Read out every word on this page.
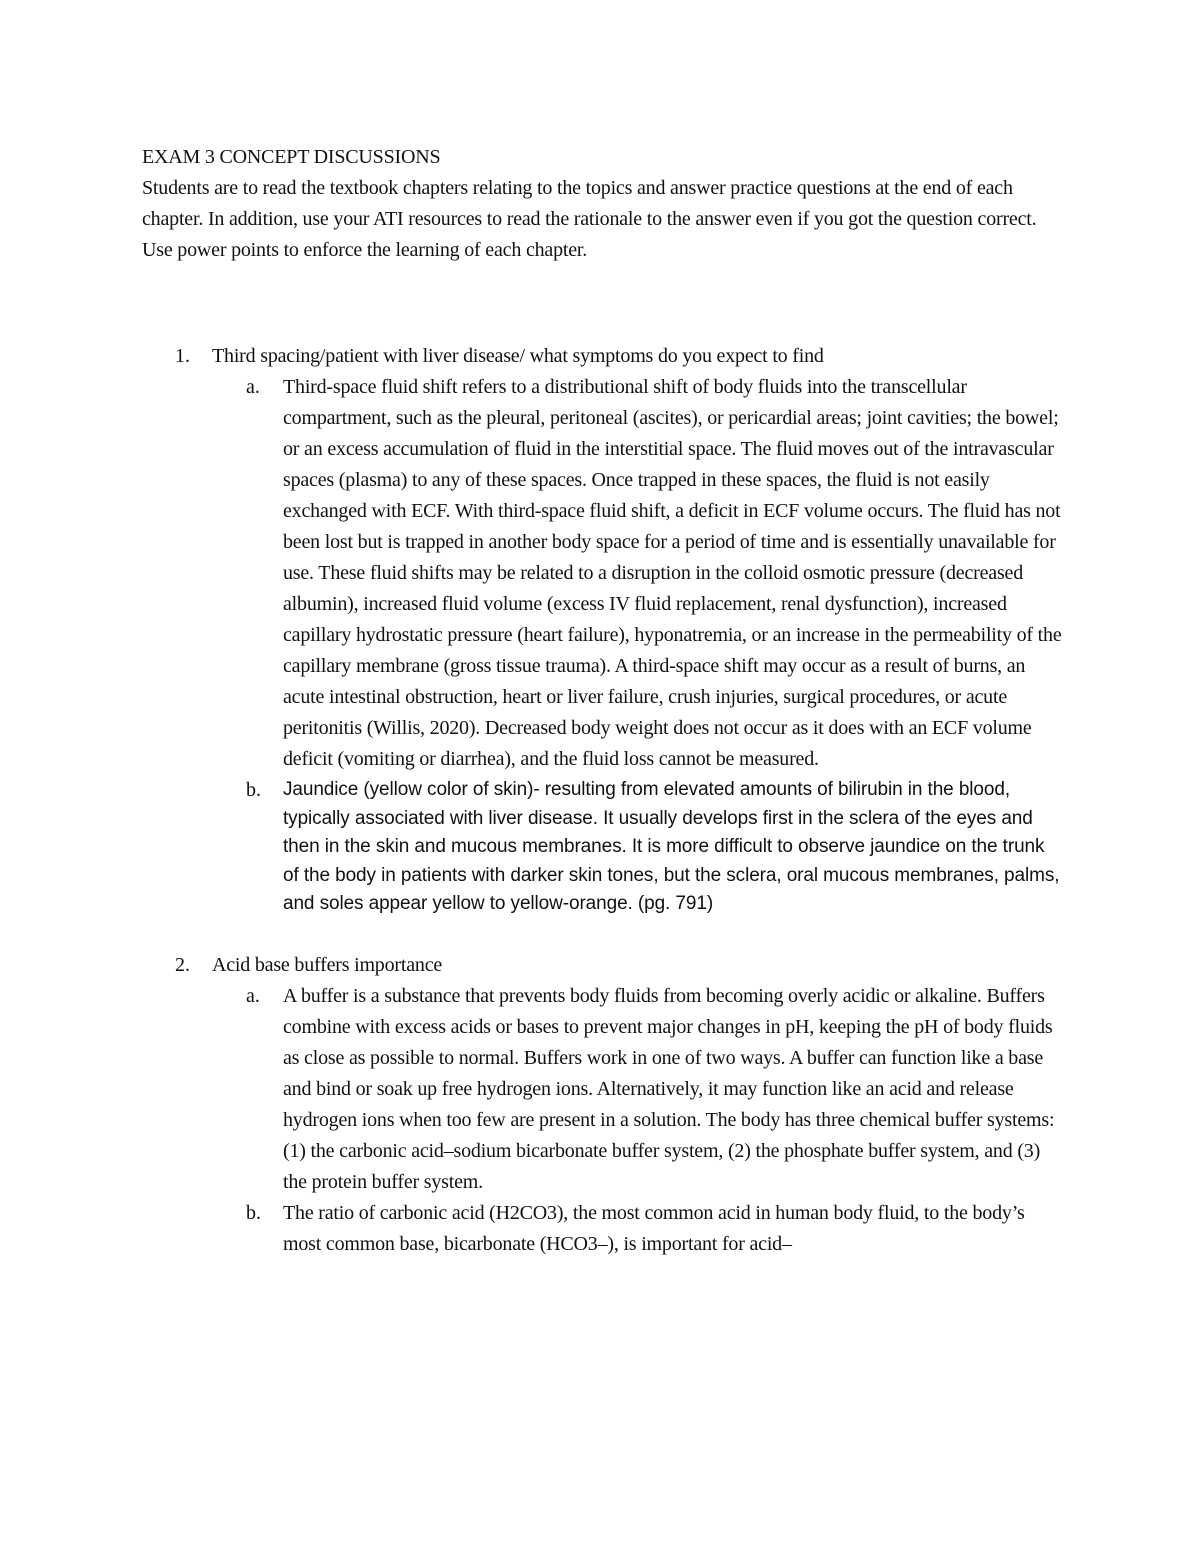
EXAM 3 CONCEPT DISCUSSIONS

Students are to read the textbook chapters relating to the topics and answer practice questions at the end of each chapter. In addition, use your ATI resources to read the rationale to the answer even if you got the question correct. Use power points to enforce the learning of each chapter.

1. Third spacing/patient with liver disease/ what symptoms do you expect to find
a. Third-space fluid shift refers to a distributional shift of body fluids into the transcellular compartment, such as the pleural, peritoneal (ascites), or pericardial areas; joint cavities; the bowel; or an excess accumulation of fluid in the interstitial space. The fluid moves out of the intravascular spaces (plasma) to any of these spaces. Once trapped in these spaces, the fluid is not easily exchanged with ECF. With third-space fluid shift, a deficit in ECF volume occurs. The fluid has not been lost but is trapped in another body space for a period of time and is essentially unavailable for use. These fluid shifts may be related to a disruption in the colloid osmotic pressure (decreased albumin), increased fluid volume (excess IV fluid replacement, renal dysfunction), increased capillary hydrostatic pressure (heart failure), hyponatremia, or an increase in the permeability of the capillary membrane (gross tissue trauma). A third-space shift may occur as a result of burns, an acute intestinal obstruction, heart or liver failure, crush injuries, surgical procedures, or acute peritonitis (Willis, 2020). Decreased body weight does not occur as it does with an ECF volume deficit (vomiting or diarrhea), and the fluid loss cannot be measured.
b. Jaundice (yellow color of skin)- resulting from elevated amounts of bilirubin in the blood, typically associated with liver disease. It usually develops first in the sclera of the eyes and then in the skin and mucous membranes. It is more difficult to observe jaundice on the trunk of the body in patients with darker skin tones, but the sclera, oral mucous membranes, palms, and soles appear yellow to yellow-orange. (pg. 791)
2. Acid base buffers importance
a. A buffer is a substance that prevents body fluids from becoming overly acidic or alkaline. Buffers combine with excess acids or bases to prevent major changes in pH, keeping the pH of body fluids as close as possible to normal. Buffers work in one of two ways. A buffer can function like a base and bind or soak up free hydrogen ions. Alternatively, it may function like an acid and release hydrogen ions when too few are present in a solution. The body has three chemical buffer systems: (1) the carbonic acid–sodium bicarbonate buffer system, (2) the phosphate buffer system, and (3) the protein buffer system.
b. The ratio of carbonic acid (H2CO3), the most common acid in human body fluid, to the body’s most common base, bicarbonate (HCO3–), is important for acid–
